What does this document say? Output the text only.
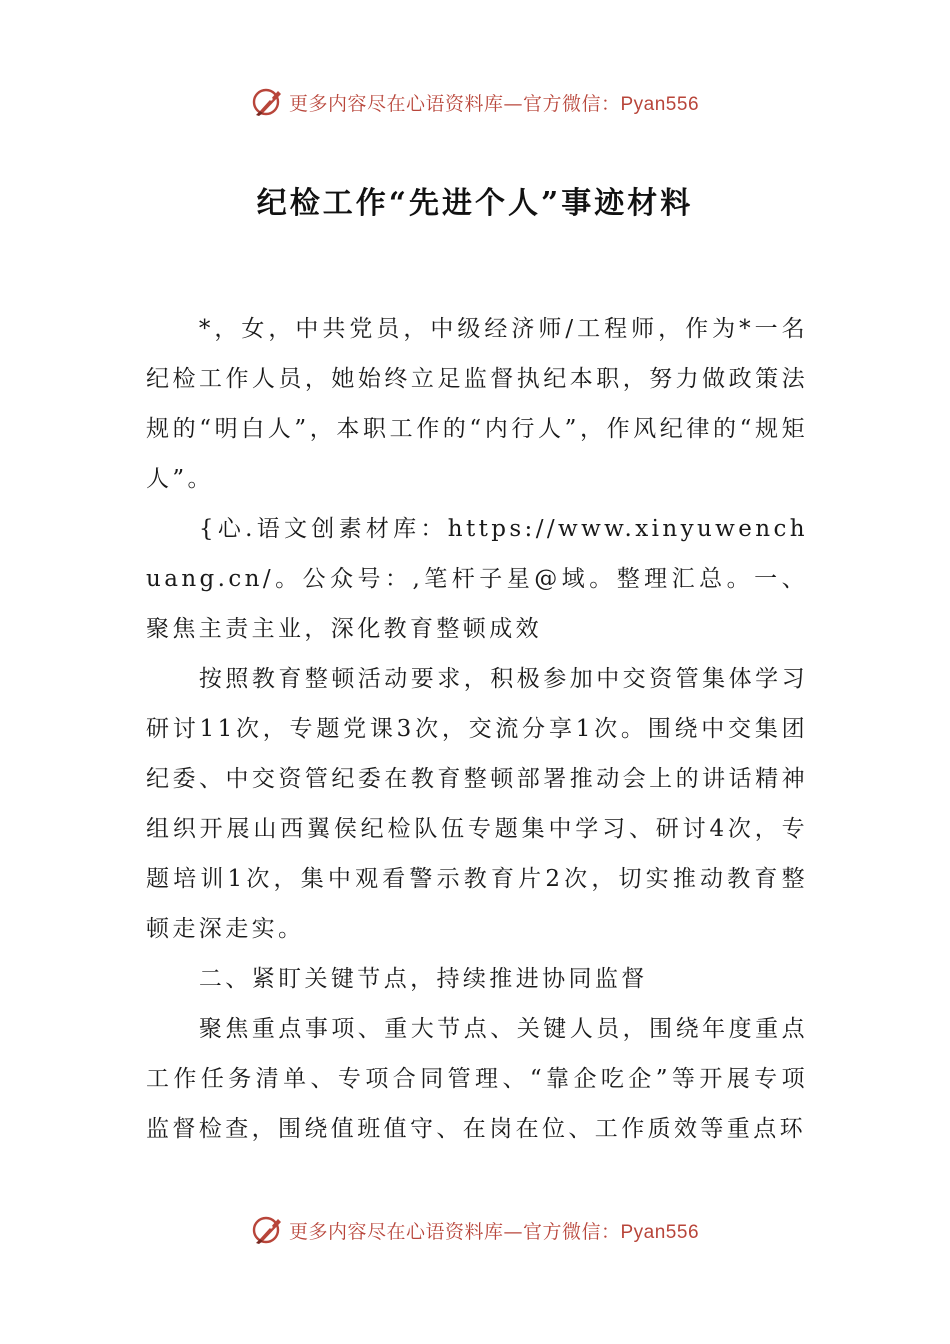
更多内容尽在心语资料库—官方微信：Pyan556
纪检工作“先进个人”事迹材料

*，女，中共党员，中级经济师/工程师，作为*一名纪检工作人员，她始终立足监督执纪本职，努力做政策法规的“明白人”，本职工作的“内行人”，作风纪律的“规矩人”。

{心.语文创素材库：https://www.xinyuwenchuang.cn/。公众号：,笔杆子星@域。整理汇总。一、聚焦主责主业，深化教育整顿成效

按照教育整顿活动要求，积极参加中交资管集体学习研讨11次，专题党课3次，交流分享1次。围绕中交集团纪委、中交资管纪委在教育整顿部署推动会上的讲话精神组织开展山西翼侯纪检队伍专题集中学习、研讨4次，专题培训1次，集中观看警示教育片2次，切实推动教育整顿走深走实。

二、紧盯关键节点，持续推进协同监督

聚焦重点事项、重大节点、关键人员，围绕年度重点工作任务清单、专项合同管理、“靠企吃企”等开展专项监督检查，围绕值班值守、在岗在位、工作质效等重点环

更多内容尽在心语资料库—官方微信：Pyan556
